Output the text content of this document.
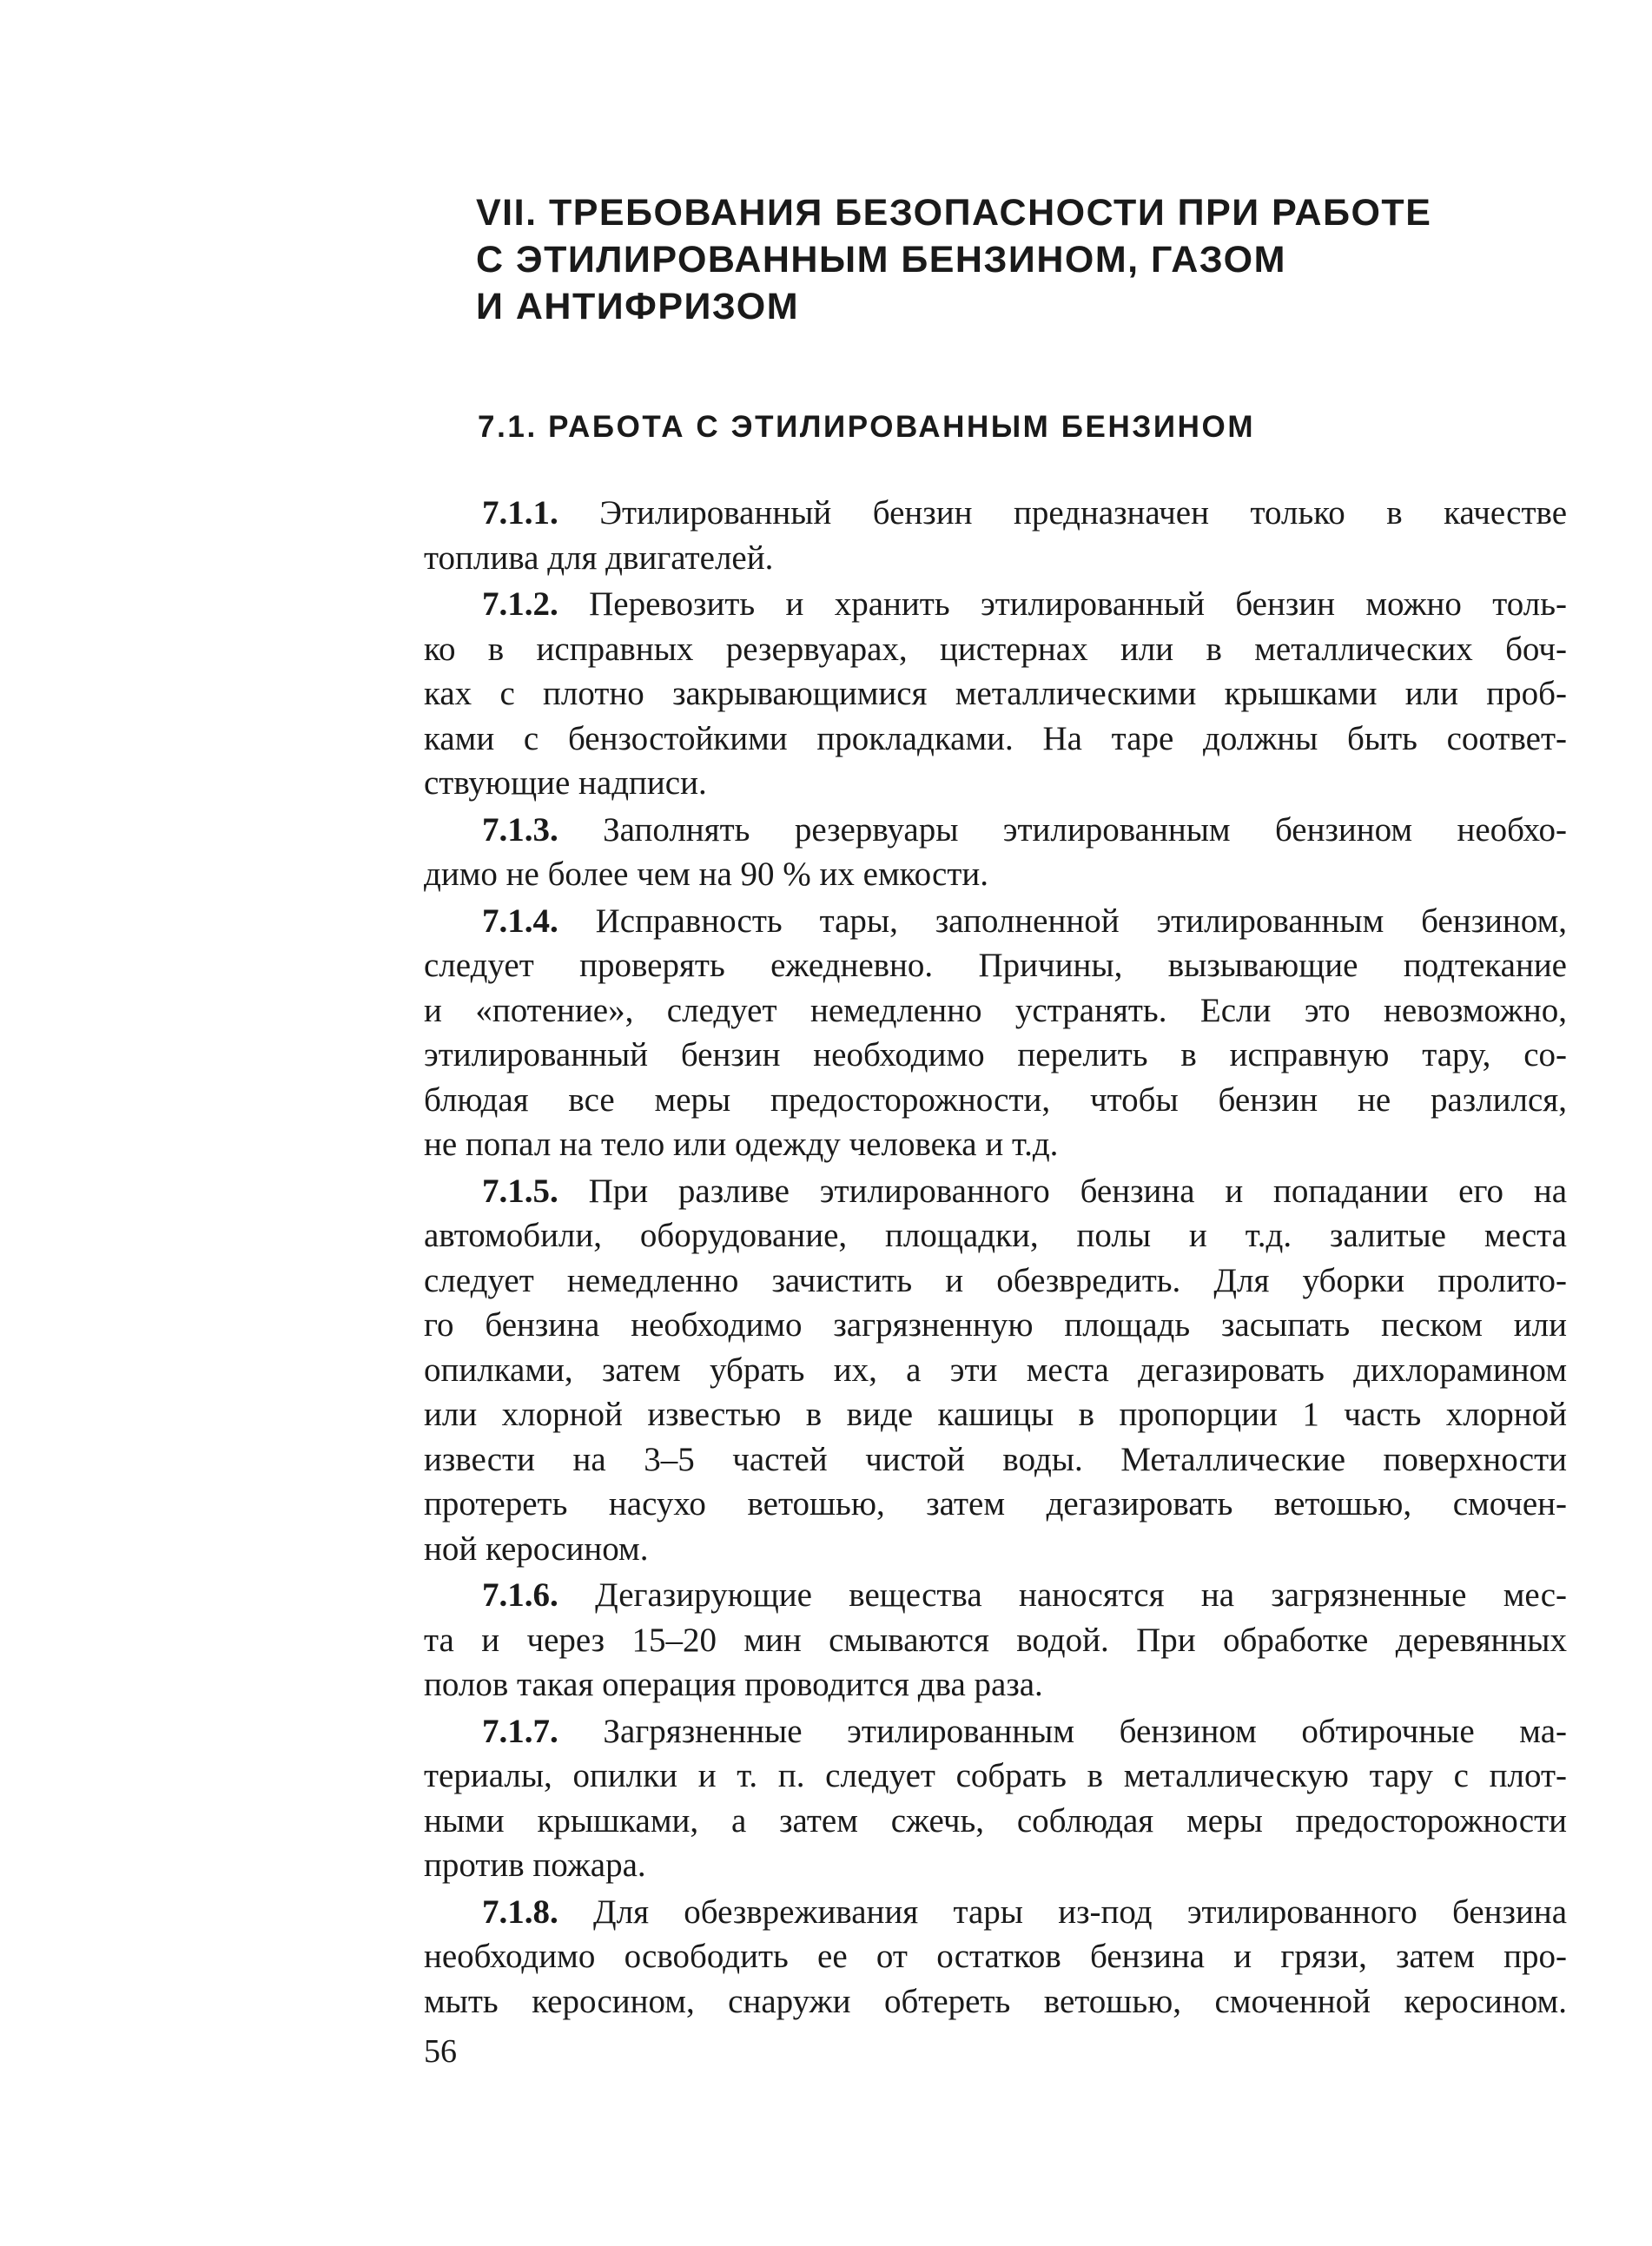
VII. ТРЕБОВАНИЯ БЕЗОПАСНОСТИ ПРИ РАБОТЕ
С ЭТИЛИРОВАННЫМ БЕНЗИНОМ, ГАЗОМ
И АНТИФРИЗОМ
7.1. РАБОТА С ЭТИЛИРОВАННЫМ БЕНЗИНОМ
7.1.1. Этилированный бензин предназначен только в качестве
топлива для двигателей.
7.1.2. Перевозить и хранить этилированный бензин можно толь-
ко в исправных резервуарах, цистернах или в металлических боч-
ках с плотно закрывающимися металлическими крышками или проб-
ками с бензостойкими прокладками. На таре должны быть соответ-
ствующие надписи.
7.1.3. Заполнять резервуары этилированным бензином необхо-
димо не более чем на 90 % их емкости.
7.1.4. Исправность тары, заполненной этилированным бензином,
следует проверять ежедневно. Причины, вызывающие подтекание
и «потение», следует немедленно устранять. Если это невозможно,
этилированный бензин необходимо перелить в исправную тару, со-
блюдая все меры предосторожности, чтобы бензин не разлился,
не попал на тело или одежду человека и т.д.
7.1.5. При разливе этилированного бензина и попадании его на
автомобили, оборудование, площадки, полы и т.д. залитые места
следует немедленно зачистить и обезвредить. Для уборки пролито-
го бензина необходимо загрязненную площадь засыпать песком или
опилками, затем убрать их, а эти места дегазировать дихлорамином
или хлорной известью в виде кашицы в пропорции 1 часть хлорной
извести на 3–5 частей чистой воды. Металлические поверхности
протереть насухо ветошью, затем дегазировать ветошью, смочен-
ной керосином.
7.1.6. Дегазирующие вещества наносятся на загрязненные мес-
та и через 15–20 мин смываются водой. При обработке деревянных
полов такая операция проводится два раза.
7.1.7. Загрязненные этилированным бензином обтирочные ма-
териалы, опилки и т. п. следует собрать в металлическую тару с плот-
ными крышками, а затем сжечь, соблюдая меры предосторожности
против пожара.
7.1.8. Для обезвреживания тары из-под этилированного бензина
необходимо освободить ее от остатков бензина и грязи, затем про-
мыть керосином, снаружи обтереть ветошью, смоченной керосином.

56
